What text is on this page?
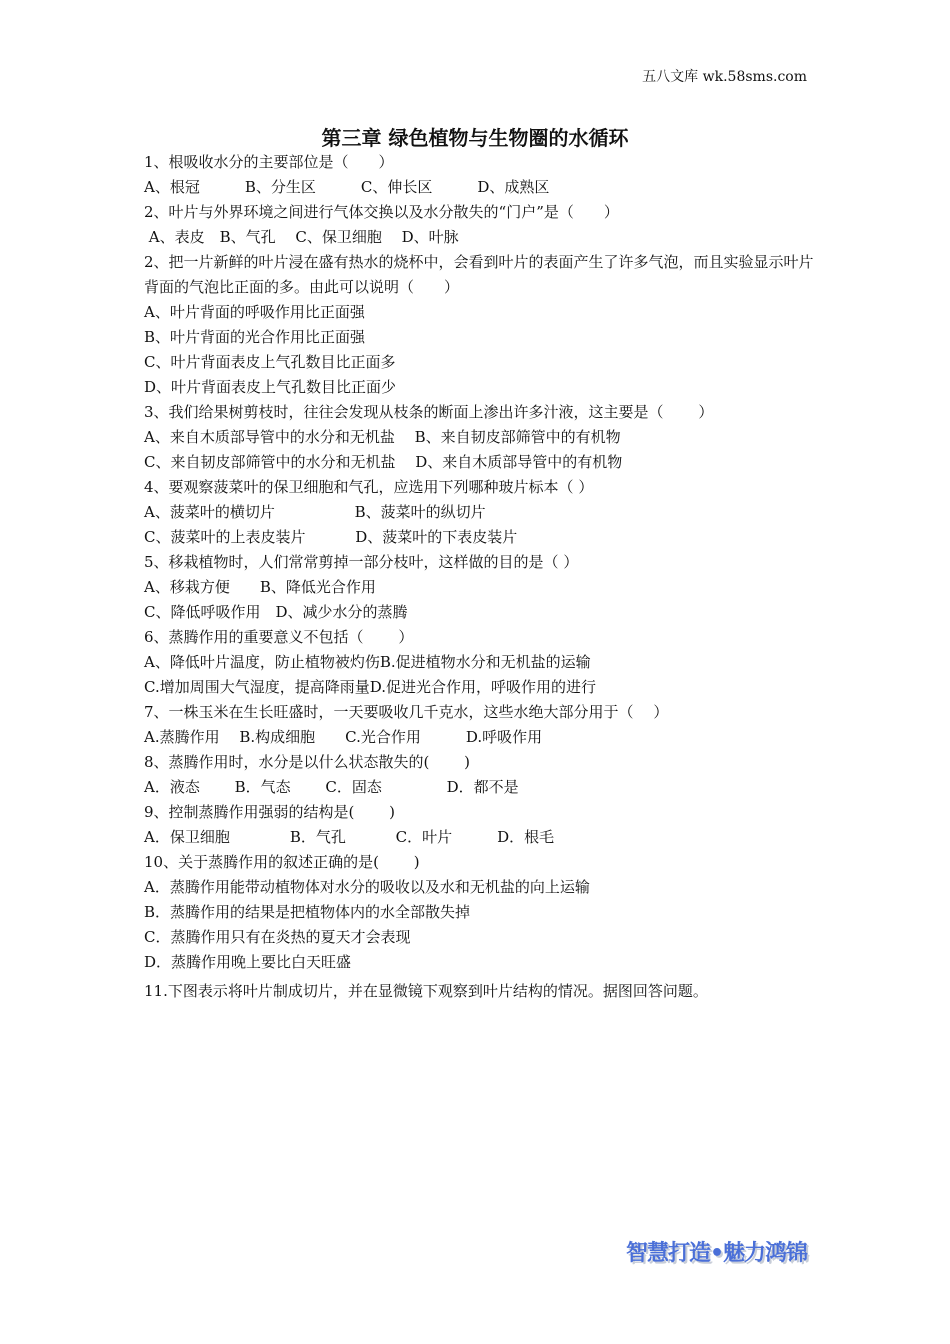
五八文库 wk.58sms.com
第三章 绿色植物与生物圈的水循环
1、根吸收水分的主要部位是（　　）
A、根冠　　　B、分生区　　　C、伸长区　　　D、成熟区
2、叶片与外界环境之间进行气体交换以及水分散失的“门户”是（　　）
A、表皮　B、气孔　 C、保卫细胞　 D、叶脉
2、把一片新鲜的叶片浸在盛有热水的烧杯中，会看到叶片的表面产生了许多气泡，而且实验显示叶片背面的气泡比正面的多。由此可以说明（　　）
A、叶片背面的呼吸作用比正面强
B、叶片背面的光合作用比正面强
C、叶片背面表皮上气孔数目比正面多
D、叶片背面表皮上气孔数目比正面少
3、我们给果树剪枝时，往往会发现从枝条的断面上渗出许多汁液，这主要是（　　 ）
A、来自木质部导管中的水分和无机盐　 B、来自韧皮部筛管中的有机物
C、来自韧皮部筛管中的水分和无机盐　 D、来自木质部导管中的有机物
4、要观察菠菜叶的保卫细胞和气孔，应选用下列哪种玻片标本（ ）
A、菠菜叶的横切片　　　　　 B、菠菜叶的纵切片
C、菠菜叶的上表皮装片　　　 D、菠菜叶的下表皮装片
5、移栽植物时，人们常常剪掉一部分枝叶，这样做的目的是（ ）
A、移栽方便　　B、降低光合作用
C、降低呼吸作用　D、减少水分的蒸腾
6、蒸腾作用的重要意义不包括（　　 ）
A、降低叶片温度，防止植物被灼伤B.促进植物水分和无机盐的运输
C.增加周围大气湿度，提高降雨量D.促进光合作用，呼吸作用的进行
7、一株玉米在生长旺盛时，一天要吸收几千克水，这些水绝大部分用于（　 ）
A.蒸腾作用　 B.构成细胞　　C.光合作用　　　D.呼吸作用
8、蒸腾作用时，水分是以什么状态散失的(　　 )
A．液态　　 B．气态　　 C．固态　　　　 D．都不是
9、控制蒸腾作用强弱的结构是(　　 )
A．保卫细胞　　　　B．气孔　　　 C．叶片　　　D．根毛
10、关于蒸腾作用的叙述正确的是(　　 )
A．蒸腾作用能带动植物体对水分的吸收以及水和无机盐的向上运输
B．蒸腾作用的结果是把植物体内的水全部散失掉
C．蒸腾作用只有在炎热的夏天才会表现
D．蒸腾作用晚上要比白天旺盛
11.下图表示将叶片制成切片，并在显微镜下观察到叶片结构的情况。据图回答问题。
智慧打造•魅力鸿锦
